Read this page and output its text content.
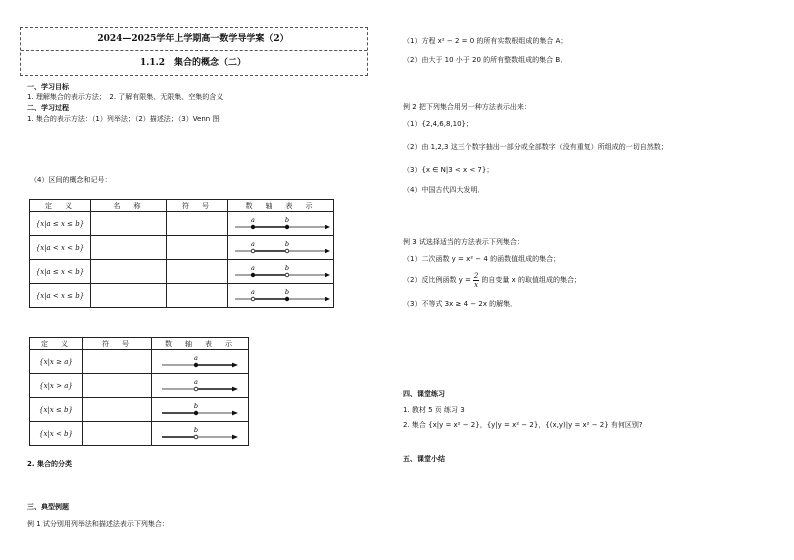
2024—2025学年上学期高一数学导学案（2）
1.1.2　集合的概念（二）
一、学习目标
1. 理解集合的表示方法；　2. 了解有限集、无限集、空集的含义
二、学习过程
1. 集合的表示方法：（1）列举法；（2）描述法；（3）Venn 图
（4）区间的概念和记号：
定　义	名　称	符　号	数　轴　表　示
{x|a ≤ x ≤ b}			a b

{x|a < x < b}			a b

{x|a ≤ x < b}			a b

{x|a < x ≤ b}			a b
定　义	符　号	数　轴　表　示
{x|x ≥ a}		a

{x|x > a}		a

{x|x ≤ b}		b

{x|x < b}		b
2. 集合的分类
三、典型例题
例 1 试分别用列举法和描述法表示下列集合：
（1）方程 x² − 2 = 0 的所有实数根组成的集合 A；
（2）由大于 10 小于 20 的所有整数组成的集合 B．
例 2 把下列集合用另一种方法表示出来：
（1）{2,4,6,8,10}；
（2）由 1,2,3 这三个数字抽出一部分或全部数字（没有重复）所组成的一切自然数；
（3）{x ∈ N|3 < x < 7}；
（4）中国古代四大发明．
例 3 试选择适当的方法表示下列集合：
（1）二次函数 y = x² − 4 的函数值组成的集合；
（2）反比例函数 $y = \frac{2}{x}$ 的自变量 x 的取值组成的集合；
（3）不等式 3x ≥ 4 − 2x 的解集．
四、课堂练习
1. 教材 5 页 练习 3
2. 集合 {x|y = x² − 2}，{y|y = x² − 2}，{(x,y)|y = x² − 2} 有何区别?
五、课堂小结
